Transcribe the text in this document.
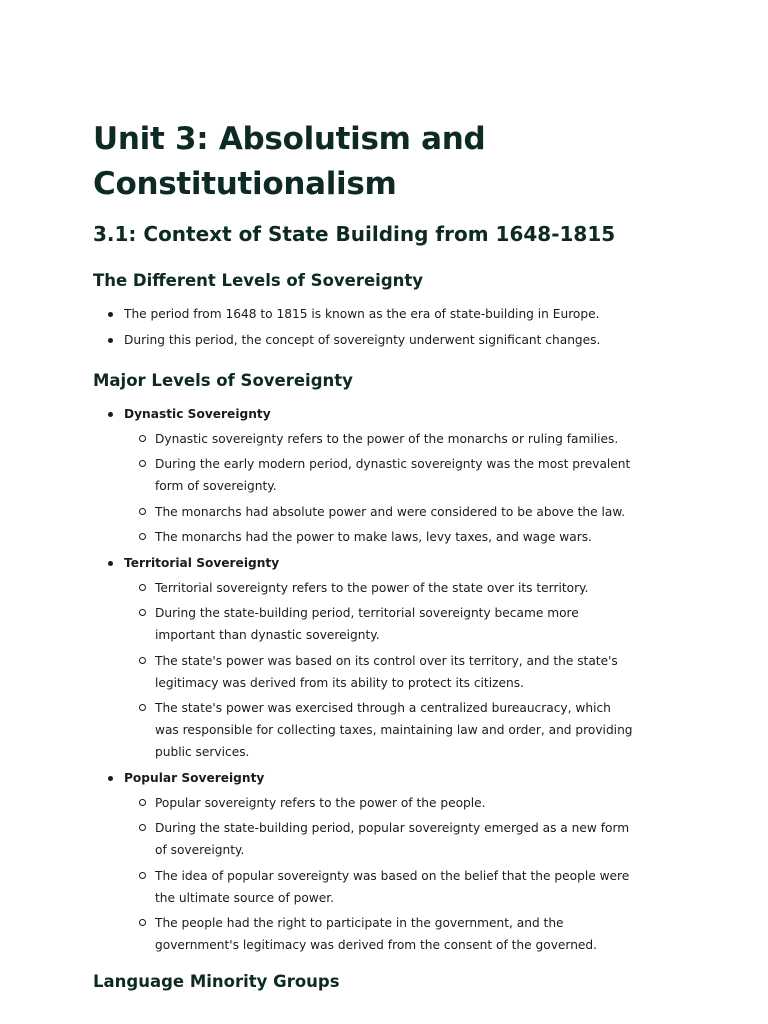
Unit 3: Absolutism and Constitutionalism
3.1: Context of State Building from 1648-1815
The Different Levels of Sovereignty
The period from 1648 to 1815 is known as the era of state-building in Europe.
During this period, the concept of sovereignty underwent significant changes.
Major Levels of Sovereignty
Dynastic Sovereignty
Dynastic sovereignty refers to the power of the monarchs or ruling families.
During the early modern period, dynastic sovereignty was the most prevalent form of sovereignty.
The monarchs had absolute power and were considered to be above the law.
The monarchs had the power to make laws, levy taxes, and wage wars.
Territorial Sovereignty
Territorial sovereignty refers to the power of the state over its territory.
During the state-building period, territorial sovereignty became more important than dynastic sovereignty.
The state's power was based on its control over its territory, and the state's legitimacy was derived from its ability to protect its citizens.
The state's power was exercised through a centralized bureaucracy, which was responsible for collecting taxes, maintaining law and order, and providing public services.
Popular Sovereignty
Popular sovereignty refers to the power of the people.
During the state-building period, popular sovereignty emerged as a new form of sovereignty.
The idea of popular sovereignty was based on the belief that the people were the ultimate source of power.
The people had the right to participate in the government, and the government's legitimacy was derived from the consent of the governed.
Language Minority Groups
